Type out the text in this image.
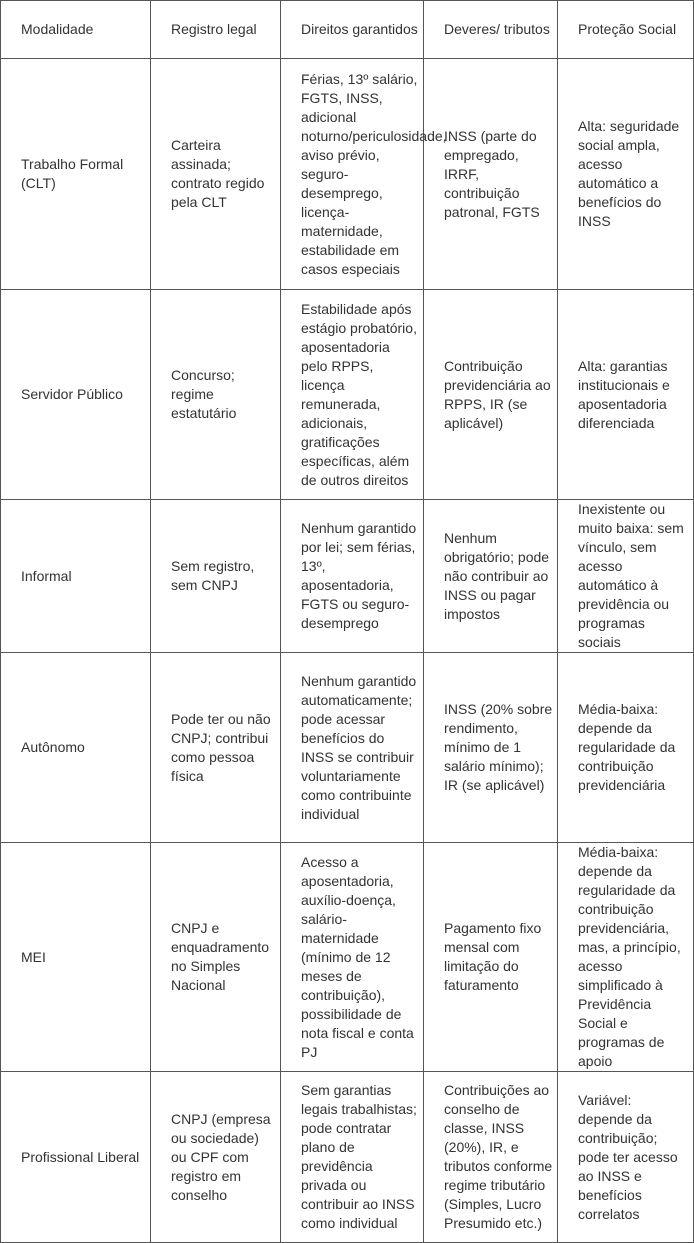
Modalidade	Registro legal	Direitos garantidos	Deveres/ tributos	Proteção Social
Trabalho Formal (CLT)	Carteira assinada; contrato regido pela CLT	Férias, 13º salário, FGTS, INSS, adicional noturno/periculosidade, aviso prévio, seguro-desemprego, licença-maternidade, estabilidade em casos especiais	INSS (parte do empregado, IRRF, contribuição patronal, FGTS	Alta: seguridade social ampla, acesso automático a benefícios do INSS
Servidor Público	Concurso; regime estatutário	Estabilidade após estágio probatório, aposentadoria pelo RPPS, licença remunerada, adicionais, gratificações específicas, além de outros direitos	Contribuição previdenciária ao RPPS, IR (se aplicável)	Alta: garantias institucionais e aposentadoria diferenciada
Informal	Sem registro, sem CNPJ	Nenhum garantido por lei; sem férias, 13º, aposentadoria, FGTS ou seguro-desemprego	Nenhum obrigatório; pode não contribuir ao INSS ou pagar impostos	Inexistente ou muito baixa: sem vínculo, sem acesso automático à previdência ou programas sociais
Autônomo	Pode ter ou não CNPJ; contribui como pessoa física	Nenhum garantido automaticamente; pode acessar benefícios do INSS se contribuir voluntariamente como contribuinte individual	INSS (20% sobre rendimento, mínimo de 1 salário mínimo); IR (se aplicável)	Média-baixa: depende da regularidade da contribuição previdenciária
MEI	CNPJ e enquadramento no Simples Nacional	Acesso a aposentadoria, auxílio-doença, salário-maternidade (mínimo de 12 meses de contribuição), possibilidade de nota fiscal e conta PJ	Pagamento fixo mensal com limitação do faturamento	Média-baixa: depende da regularidade da contribuição previdenciária, mas, a princípio, acesso simplificado à Previdência Social e programas de apoio
Profissional Liberal	CNPJ (empresa ou sociedade) ou CPF com registro em conselho	Sem garantias legais trabalhistas; pode contratar plano de previdência privada ou contribuir ao INSS como individual	Contribuições ao conselho de classe, INSS (20%), IR, e tributos conforme regime tributário (Simples, Lucro Presumido etc.)	Variável: depende da contribuição; pode ter acesso ao INSS e benefícios correlatos
